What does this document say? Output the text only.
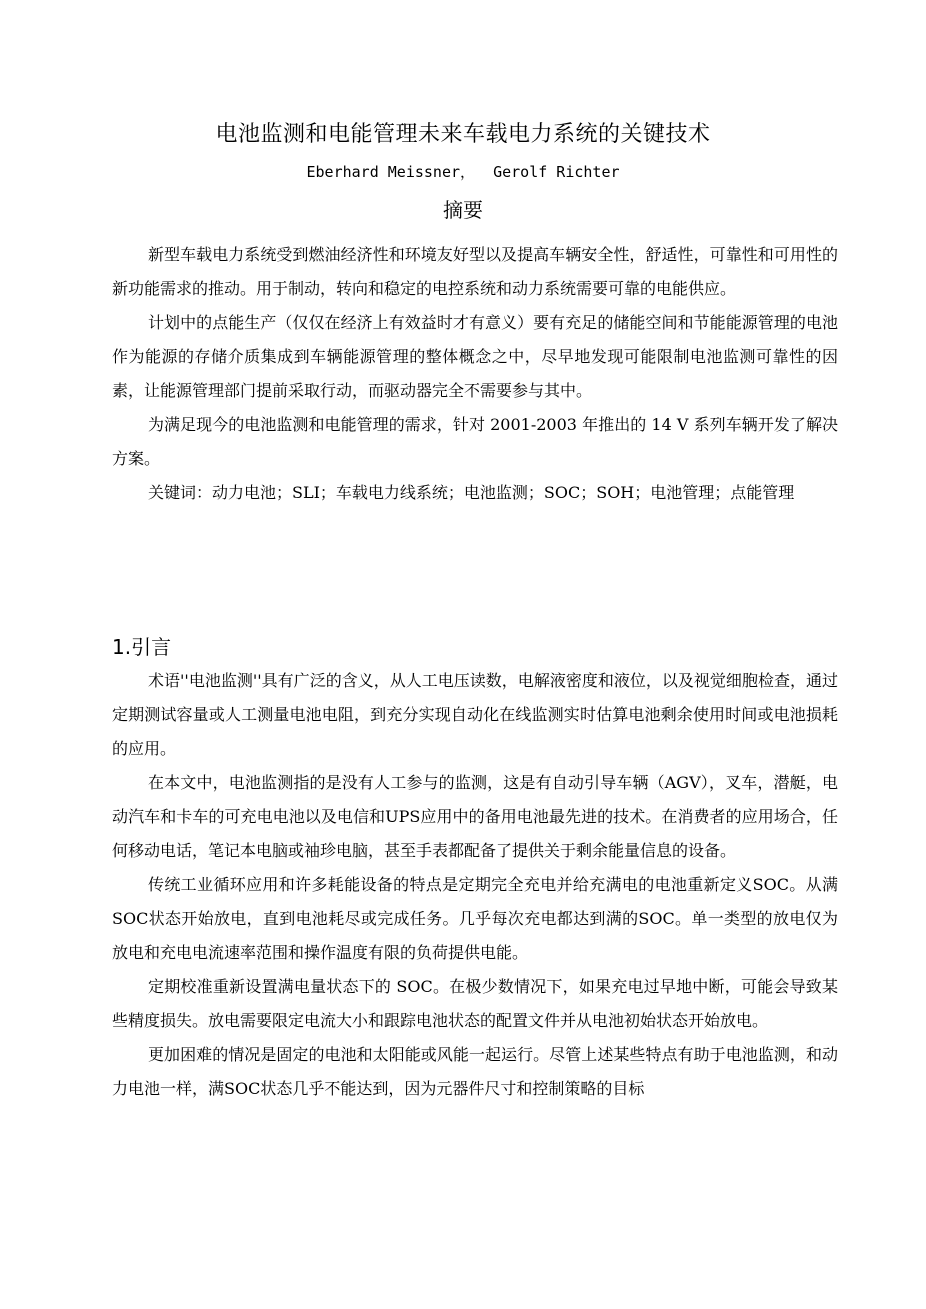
电池监测和电能管理未来车载电力系统的关键技术
Eberhard Meissner，  Gerolf Richter
摘要

新型车载电力系统受到燃油经济性和环境友好型以及提高车辆安全性，舒适性，可靠性和可用性的新功能需求的推动。用于制动，转向和稳定的电控系统和动力系统需要可靠的电能供应。

计划中的点能生产（仅仅在经济上有效益时才有意义）要有充足的储能空间和节能能源管理的电池作为能源的存储介质集成到车辆能源管理的整体概念之中，尽早地发现可能限制电池监测可靠性的因素，让能源管理部门提前采取行动，而驱动器完全不需要参与其中。

为满足现今的电池监测和电能管理的需求，针对 2001-2003 年推出的 14 V 系列车辆开发了解决方案。

关键词：动力电池；SLI；车载电力线系统；电池监测；SOC；SOH；电池管理；点能管理

1.引言

术语''电池监测''具有广泛的含义，从人工电压读数，电解液密度和液位，以及视觉细胞检查，通过定期测试容量或人工测量电池电阻，到充分实现自动化在线监测实时估算电池剩余使用时间或电池损耗的应用。

在本文中，电池监测指的是没有人工参与的监测，这是有自动引导车辆（AGV），叉车，潜艇，电动汽车和卡车的可充电电池以及电信和UPS应用中的备用电池最先进的技术。在消费者的应用场合，任何移动电话，笔记本电脑或袖珍电脑，甚至手表都配备了提供关于剩余能量信息的设备。

传统工业循环应用和许多耗能设备的特点是定期完全充电并给充满电的电池重新定义SOC。从满SOC状态开始放电，直到电池耗尽或完成任务。几乎每次充电都达到满的SOC。单一类型的放电仅为放电和充电电流速率范围和操作温度有限的负荷提供电能。

定期校准重新设置满电量状态下的 SOC。在极少数情况下，如果充电过早地中断，可能会导致某些精度损失。放电需要限定电流大小和跟踪电池状态的配置文件并从电池初始状态开始放电。

更加困难的情况是固定的电池和太阳能或风能一起运行。尽管上述某些特点有助于电池监测，和动力电池一样，满SOC状态几乎不能达到，因为元器件尺寸和控制策略的目标
